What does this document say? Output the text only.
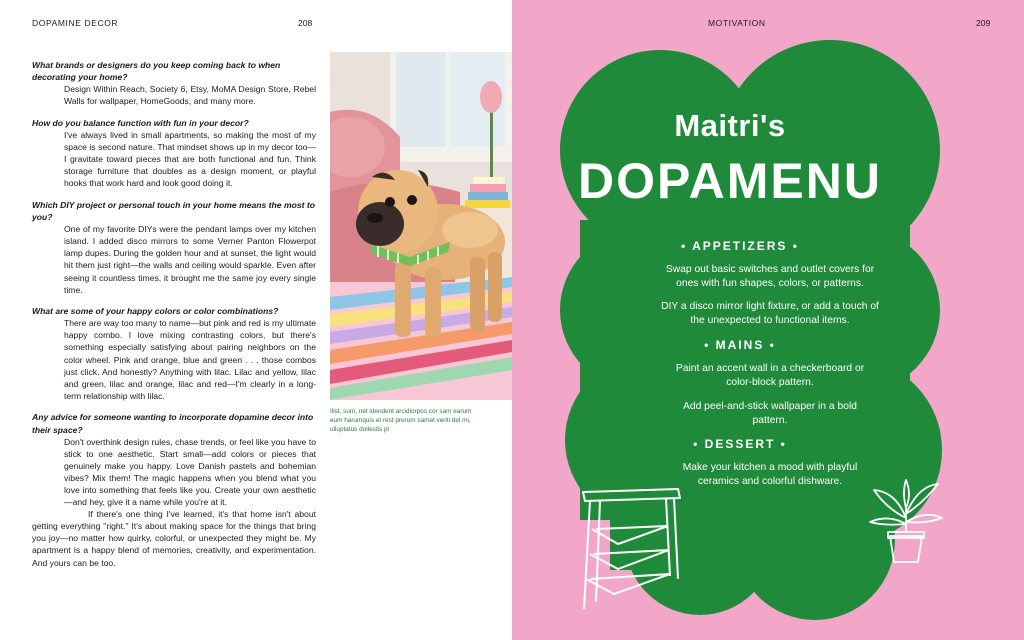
DOPAMINE DECOR	208
What brands or designers do you keep coming back to when decorating your home?

Design Within Reach, Society 6, Etsy, MoMA Design Store, Rebel Walls for wallpaper, HomeGoods, and many more.

How do you balance function with fun in your decor?

I've always lived in small apartments, so making the most of my space is second nature. That mindset shows up in my decor too—I gravitate toward pieces that are both functional and fun. Think storage furniture that doubles as a design moment, or playful hooks that work hard and look good doing it.

Which DIY project or personal touch in your home means the most to you?

One of my favorite DIYs were the pendant lamps over my kitchen island. I added disco mirrors to some Verner Panton Flowerpot lamp dupes. During the golden hour and at sunset, the light would hit them just right—the walls and ceiling would sparkle. Even after seeing it countless times, it brought me the same joy every single time.

What are some of your happy colors or color combinations?

There are way too many to name—but pink and red is my ultimate happy combo. I love mixing contrasting colors, but there's something especially satisfying about pairing neighbors on the color wheel. Pink and orange, blue and green . . . those combos just click. And honestly? Anything with lilac. Lilac and yellow, lilac and green, lilac and orange, lilac and red—I'm clearly in a long-term relationship with lilac.

Any advice for someone wanting to incorporate dopamine decor into their space?

Don't overthink design rules, chase trends, or feel like you have to stick to one aesthetic. Start small—add colors or pieces that genuinely make you happy. Love Danish pastels and bohemian vibes? Mix them! The magic happens when you blend what you love into something that feels like you. Create your own aesthetic—and hey, give it a name while you're at it.

If there's one thing I've learned, it's that home isn't about getting everything "right." It's about making space for the things that bring you joy—no matter how quirky, colorful, or unexpected they might be. My apartment is a happy blend of memories, creativity, and experimentation. And yours can be too.

Ilist, sum, net idendent arcidiorpos cor sam earum eum harumquis et rest prerum samet veriti del mi, ulluptatus dollestis pl
MOTIVATION	209
Maitri's
DOPAMENU
• APPETIZERS •
Swap out basic switches and outlet covers for ones with fun shapes, colors, or patterns.
DIY a disco mirror light fixture, or add a touch of the unexpected to functional items.
• MAINS •
Paint an accent wall in a checkerboard or color-block pattern.
Add peel-and-stick wallpaper in a bold pattern.
• DESSERT •
Make your kitchen a mood with playful ceramics and colorful dishware.
